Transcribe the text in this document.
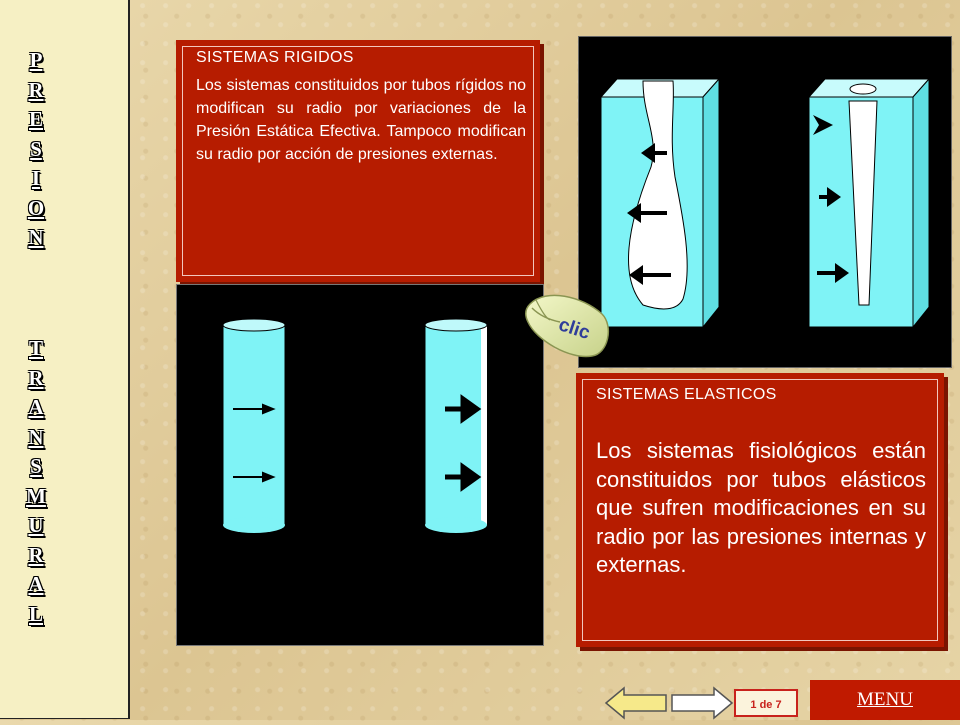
P
R
E
S
I
O
N
T
R
A
N
S
M
U
R
A
L
SISTEMAS RIGIDOS
Los sistemas constituidos por tubos rígidos no modifican su radio por variaciones de la Presión Estática Efectiva. Tampoco modifican su radio por acción de presiones externas.
clic
SISTEMAS ELASTICOS
Los sistemas fisiológicos están constituidos por tubos elásticos que sufren modificaciones en su radio por las presiones internas y externas.
1 de 7	MENU
